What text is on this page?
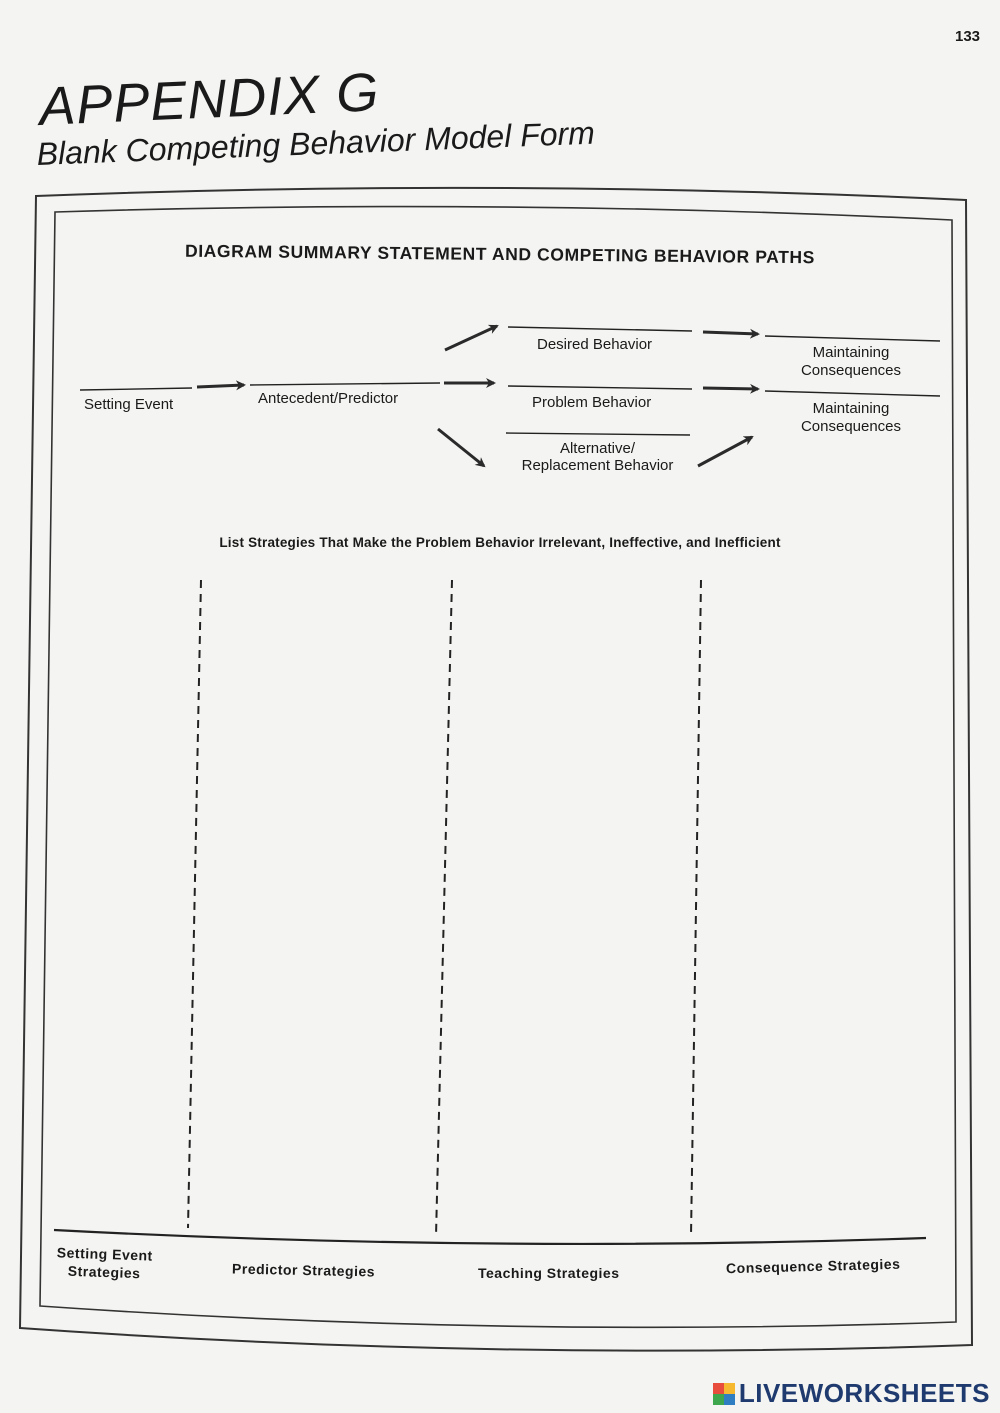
133
APPENDIX G
Blank Competing Behavior Model Form
DIAGRAM SUMMARY STATEMENT AND COMPETING BEHAVIOR PATHS
Setting Event	Antecedent/Predictor
Desired Behavior
Problem Behavior
Alternative/
Replacement Behavior
Maintaining
Consequences
Maintaining
Consequences
List Strategies That Make the Problem Behavior Irrelevant, Ineffective, and Inefficient
Setting Event
Strategies	Predictor Strategies	Teaching Strategies	Consequence Strategies
LIVEWORKSHEETS
